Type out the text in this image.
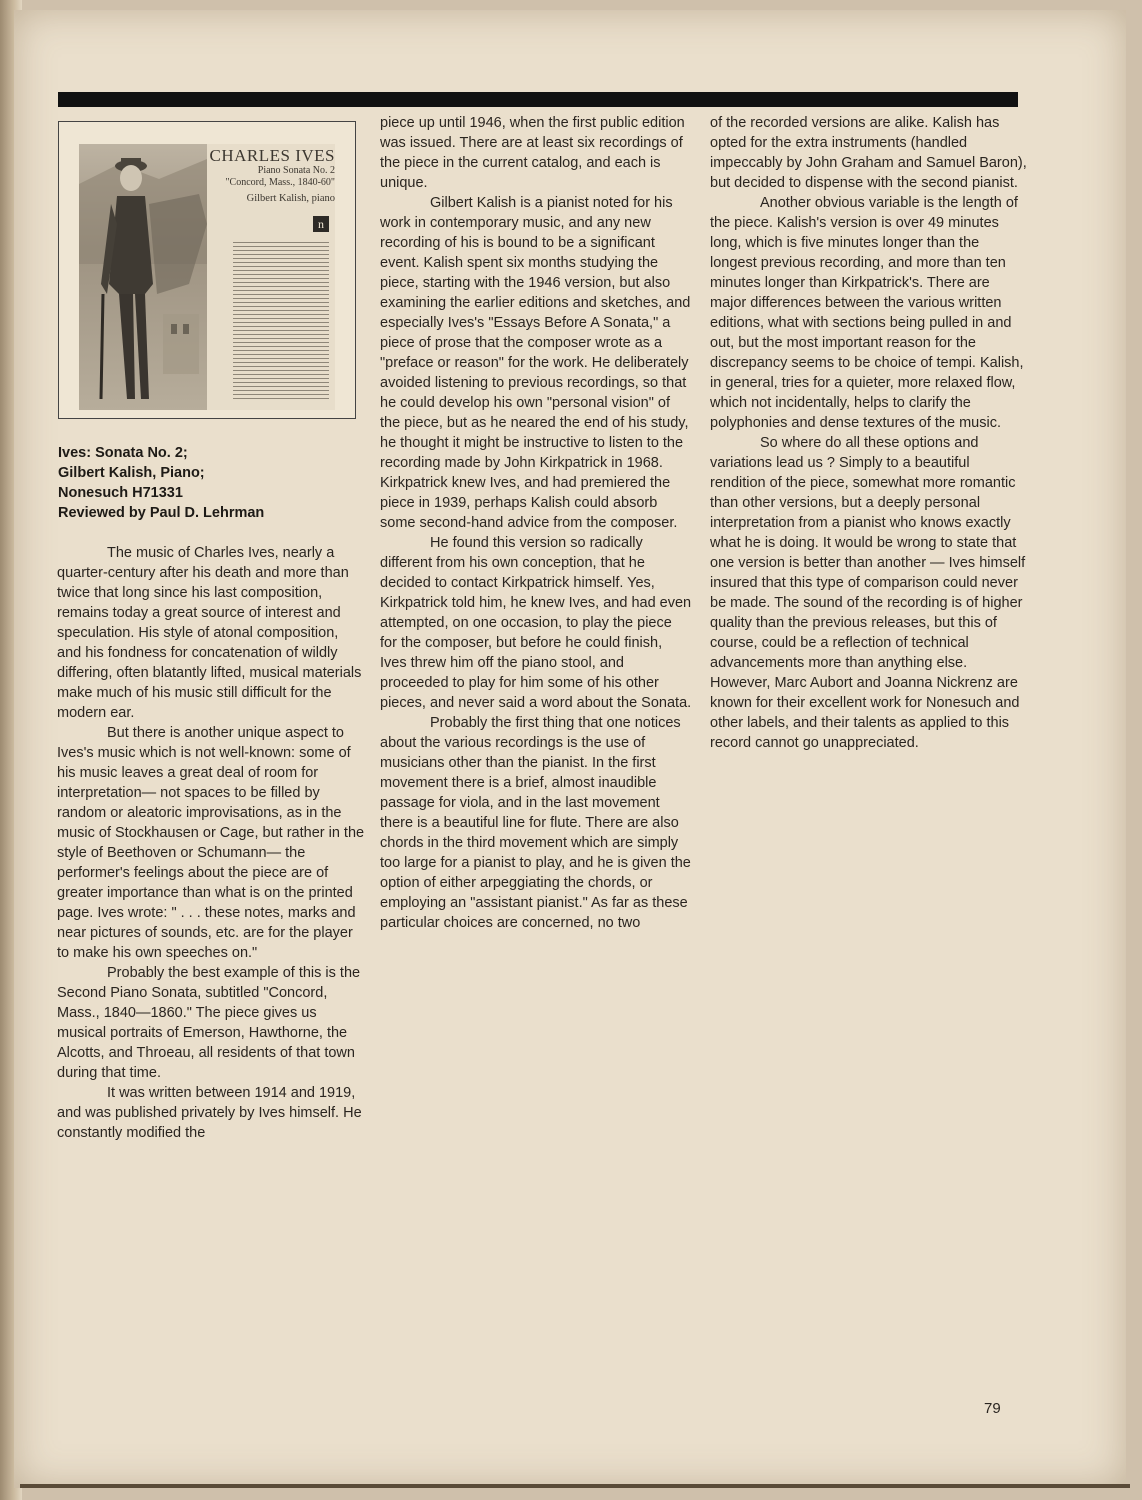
CHARLES IVES
Piano Sonata No. 2
"Concord, Mass., 1840-60"
Gilbert Kalish, piano
n
Ives: Sonata No. 2;
Gilbert Kalish, Piano;
Nonesuch H71331
Reviewed by Paul D. Lehrman

The music of Charles Ives, nearly a quarter-century after his death and more than twice that long since his last composition, remains today a great source of interest and speculation. His style of atonal composition, and his fondness for concatenation of wildly differing, often blatantly lifted, musical materials make much of his music still difficult for the modern ear.

But there is another unique aspect to Ives's music which is not well-known: some of his music leaves a great deal of room for interpretation— not spaces to be filled by random or aleatoric improvisations, as in the music of Stockhausen or Cage, but rather in the style of Beethoven or Schumann— the performer's feelings about the piece are of greater importance than what is on the printed page. Ives wrote: " . . . these notes, marks and near pictures of sounds, etc. are for the player to make his own speeches on."

Probably the best example of this is the Second Piano Sonata, subtitled "Concord, Mass., 1840—1860." The piece gives us musical portraits of Emerson, Hawthorne, the Alcotts, and Throeau, all residents of that town during that time.

It was written between 1914 and 1919, and was published privately by Ives himself. He constantly modified the

piece up until 1946, when the first public edition was issued. There are at least six recordings of the piece in the current catalog, and each is unique.

Gilbert Kalish is a pianist noted for his work in contemporary music, and any new recording of his is bound to be a significant event. Kalish spent six months studying the piece, starting with the 1946 version, but also examining the earlier editions and sketches, and especially Ives's "Essays Before A Sonata," a piece of prose that the composer wrote as a "preface or reason" for the work. He deliberately avoided listening to previous recordings, so that he could develop his own "personal vision" of the piece, but as he neared the end of his study, he thought it might be instructive to listen to the recording made by John Kirkpatrick in 1968. Kirkpatrick knew Ives, and had premiered the piece in 1939, perhaps Kalish could absorb some second-hand advice from the composer.

He found this version so radically different from his own conception, that he decided to contact Kirkpatrick himself. Yes, Kirkpatrick told him, he knew Ives, and had even attempted, on one occasion, to play the piece for the composer, but before he could finish, Ives threw him off the piano stool, and proceeded to play for him some of his other pieces, and never said a word about the Sonata.

Probably the first thing that one notices about the various recordings is the use of musicians other than the pianist. In the first movement there is a brief, almost inaudible passage for viola, and in the last movement there is a beautiful line for flute. There are also chords in the third movement which are simply too large for a pianist to play, and he is given the option of either arpeggiating the chords, or employing an "assistant pianist." As far as these particular choices are concerned, no two

of the recorded versions are alike. Kalish has opted for the extra instruments (handled impeccably by John Graham and Samuel Baron), but decided to dispense with the second pianist.

Another obvious variable is the length of the piece. Kalish's version is over 49 minutes long, which is five minutes longer than the longest previous recording, and more than ten minutes longer than Kirkpatrick's. There are major differences between the various written editions, what with sections being pulled in and out, but the most important reason for the discrepancy seems to be choice of tempi. Kalish, in general, tries for a quieter, more relaxed flow, which not incidentally, helps to clarify the polyphonies and dense textures of the music.

So where do all these options and variations lead us ? Simply to a beautiful rendition of the piece, somewhat more romantic than other versions, but a deeply personal interpretation from a pianist who knows exactly what he is doing. It would be wrong to state that one version is better than another — Ives himself insured that this type of comparison could never be made. The sound of the recording is of higher quality than the previous releases, but this of course, could be a reflection of technical advancements more than anything else. However, Marc Aubort and Joanna Nickrenz are known for their excellent work for Nonesuch and other labels, and their talents as applied to this record cannot go unappreciated.

79
